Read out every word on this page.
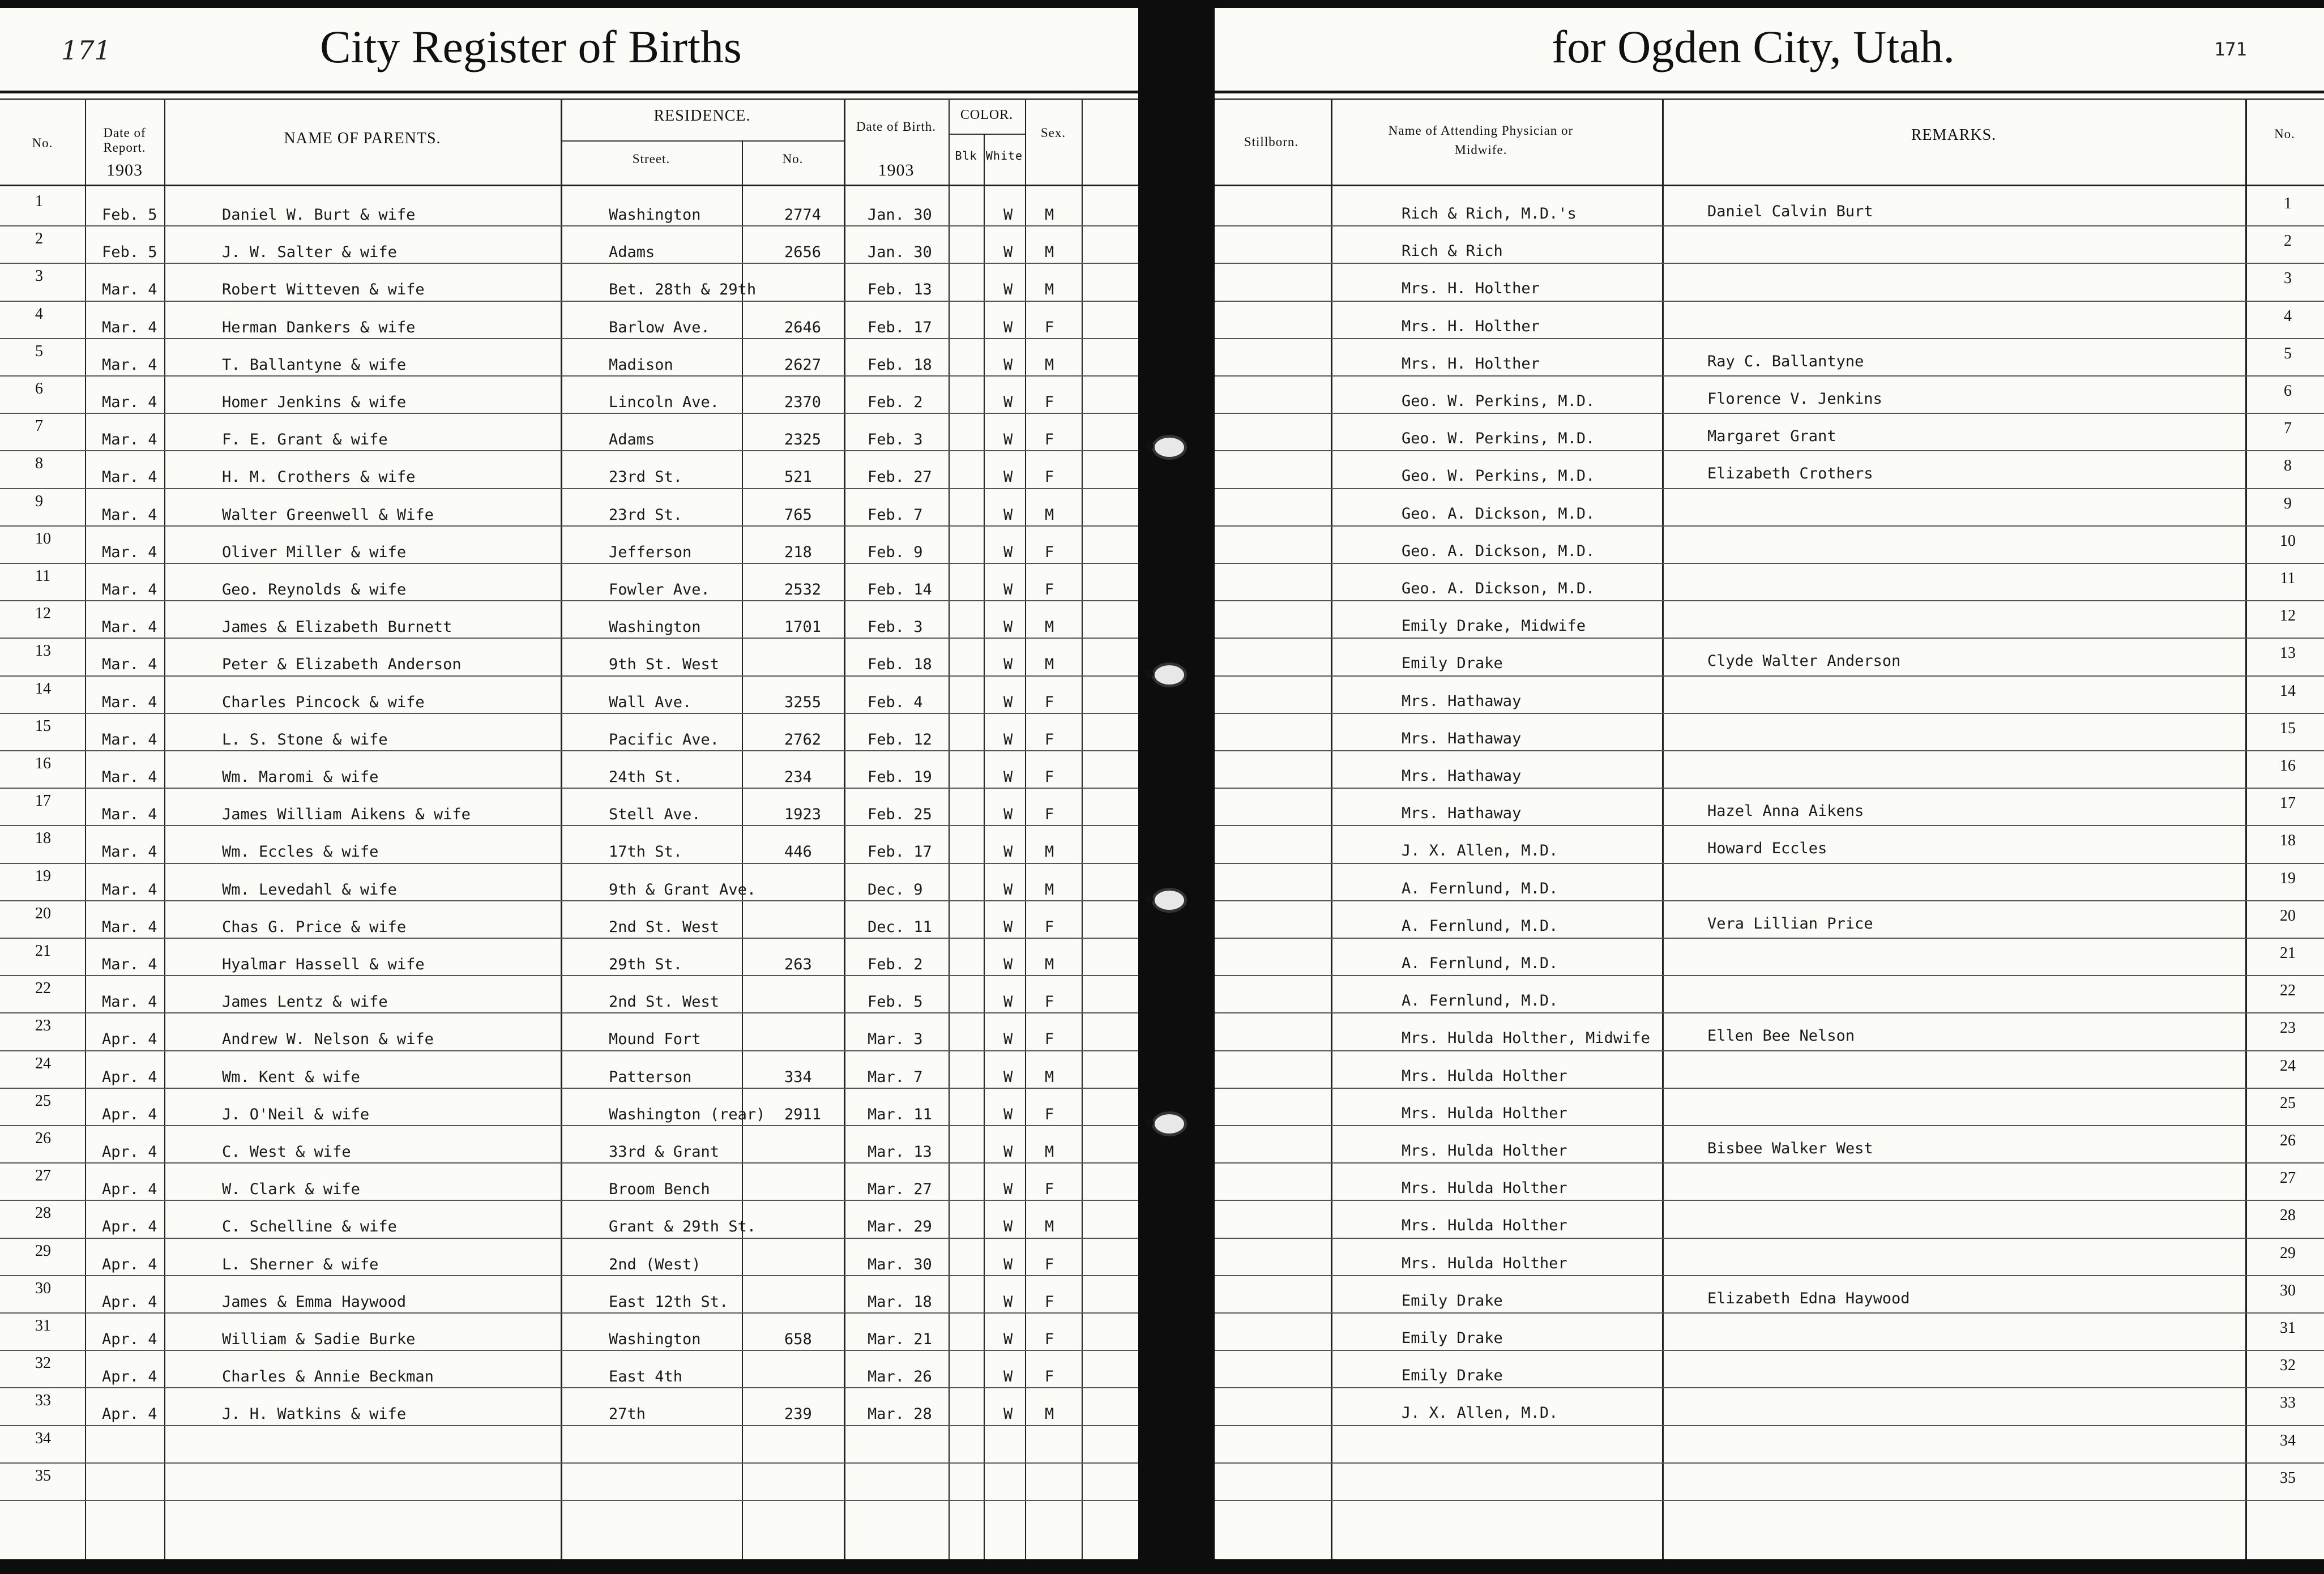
171	City Register of Births
No.
Date of Report.
1903
NAME OF PARENTS.
RESIDENCE.
Street.	No.
Date of Birth.
1903
COLOR.
Blk White
Sex.
1
Feb. 5	Daniel W. Burt & wife	Washington	2774	Jan. 30	W M
2
Feb. 5	J. W. Salter & wife	Adams	2656	Jan. 30	W M
3
Mar. 4	Robert Witteven & wife	Bet. 28th & 29th	Feb. 13	W M
4
Mar. 4	Herman Dankers & wife	Barlow Ave.	2646	Feb. 17	W F
5
Mar. 4	T. Ballantyne & wife	Madison	2627	Feb. 18	W M
6
Mar. 4	Homer Jenkins & wife	Lincoln Ave.	2370	Feb. 2	W F
7
Mar. 4	F. E. Grant & wife	Adams	2325	Feb. 3	W F
8
Mar. 4	H. M. Crothers & wife	23rd St.	521	Feb. 27	W F
9
Mar. 4	Walter Greenwell & Wife	23rd St.	765	Feb. 7	W M
10
Mar. 4	Oliver Miller & wife	Jefferson	218	Feb. 9	W F
11
Mar. 4	Geo. Reynolds & wife	Fowler Ave.	2532	Feb. 14	W F
12
Mar. 4	James & Elizabeth Burnett	Washington	1701	Feb. 3	W M
13
Mar. 4	Peter & Elizabeth Anderson	9th St. West	Feb. 18	W M
14
Mar. 4	Charles Pincock & wife	Wall Ave.	3255	Feb. 4	W F
15
Mar. 4	L. S. Stone & wife	Pacific Ave.	2762	Feb. 12	W F
16
Mar. 4	Wm. Maromi & wife	24th St.	234	Feb. 19	W F
17
Mar. 4	James William Aikens & wife	Stell Ave.	1923	Feb. 25	W F
18
Mar. 4	Wm. Eccles & wife	17th St.	446	Feb. 17	W M
19
Mar. 4	Wm. Levedahl & wife	9th & Grant Ave.	Dec. 9	W M
20
Mar. 4	Chas G. Price & wife	2nd St. West	Dec. 11	W F
21
Mar. 4	Hyalmar Hassell & wife	29th St.	263	Feb. 2	W M
22
Mar. 4	James Lentz & wife	2nd St. West	Feb. 5	W F
23
Apr. 4	Andrew W. Nelson & wife	Mound Fort	Mar. 3	W F
24
Apr. 4	Wm. Kent & wife	Patterson	334	Mar. 7	W M
25
Apr. 4	J. O'Neil & wife	Washington (rear) 2911	Mar. 11	W F
26
Apr. 4	C. West & wife	33rd & Grant	Mar. 13	W M
27
Apr. 4	W. Clark & wife	Broom Bench	Mar. 27	W F
28
Apr. 4	C. Schelline & wife	Grant & 29th St.	Mar. 29	W M
29
Apr. 4	L. Sherner & wife	2nd (West)	Mar. 30	W F
30
Apr. 4	James & Emma Haywood	East 12th St.	Mar. 18	W F
31
Apr. 4	William & Sadie Burke	Washington	658	Mar. 21	W F
32
Apr. 4	Charles & Annie Beckman	East 4th	Mar. 26	W F
33
Apr. 4	J. H. Watkins & wife	27th	239	Mar. 28	W M
34
35
for Ogden City, Utah.	171
Stillborn.
Name of Attending Physician or Midwife.
REMARKS.	No.
Rich & Rich, M.D.'s	Daniel Calvin Burt	1
Rich & Rich
2
Mrs. H. Holther
3
Mrs. H. Holther
4
Mrs. H. Holther	Ray C. Ballantyne	5
Geo. W. Perkins, M.D.	Florence V. Jenkins	6
Geo. W. Perkins, M.D.	Margaret Grant	7
Geo. W. Perkins, M.D.	Elizabeth Crothers	8
Geo. A. Dickson, M.D.
9
Geo. A. Dickson, M.D.
10
Geo. A. Dickson, M.D.
11
Emily Drake, Midwife
12
Emily Drake	Clyde Walter Anderson	13
Mrs. Hathaway
14
Mrs. Hathaway
15
Mrs. Hathaway
16
Mrs. Hathaway	Hazel Anna Aikens	17
J. X. Allen, M.D.	Howard Eccles	18
A. Fernlund, M.D.
19
A. Fernlund, M.D.	Vera Lillian Price	20
A. Fernlund, M.D.
21
A. Fernlund, M.D.
22
Mrs. Hulda Holther, Midwife	Ellen Bee Nelson	23
Mrs. Hulda Holther
24
Mrs. Hulda Holther
25
Mrs. Hulda Holther	Bisbee Walker West	26
Mrs. Hulda Holther
27
Mrs. Hulda Holther
28
Mrs. Hulda Holther
29
Emily Drake	Elizabeth Edna Haywood	30
Emily Drake
31
Emily Drake
32
J. X. Allen, M.D.
33
34
35
